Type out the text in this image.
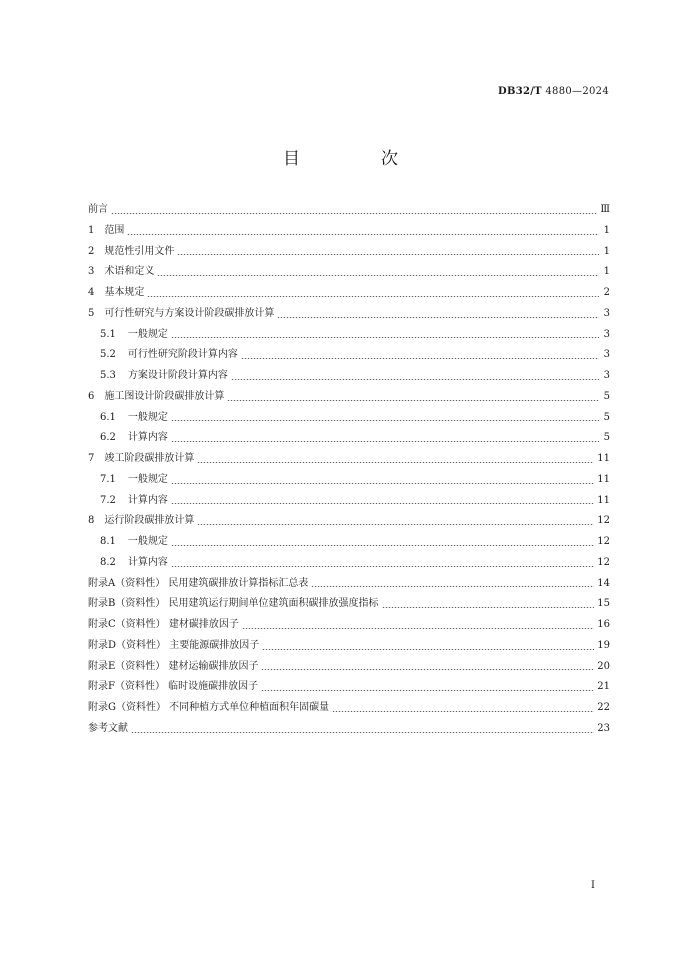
DB32/T 4880—2024
目　次
前言	Ⅲ
1 范围	1
2 规范性引用文件	1
3 术语和定义	1
4 基本规定	2
5 可行性研究与方案设计阶段碳排放计算	3
5.1 一般规定	3
5.2 可行性研究阶段计算内容	3
5.3 方案设计阶段计算内容	3
6 施工图设计阶段碳排放计算	5
6.1 一般规定	5
6.2 计算内容	5
7 竣工阶段碳排放计算	11
7.1 一般规定	11
7.2 计算内容	11
8 运行阶段碳排放计算	12
8.1 一般规定	12
8.2 计算内容	12
附录A（资料性） 民用建筑碳排放计算指标汇总表	14
附录B（资料性） 民用建筑运行期间单位建筑面积碳排放强度指标	15
附录C（资料性） 建材碳排放因子	16
附录D（资料性） 主要能源碳排放因子	19
附录E（资料性） 建材运输碳排放因子	20
附录F（资料性） 临时设施碳排放因子	21
附录G（资料性） 不同种植方式单位种植面积年固碳量	22
参考文献	23
I
